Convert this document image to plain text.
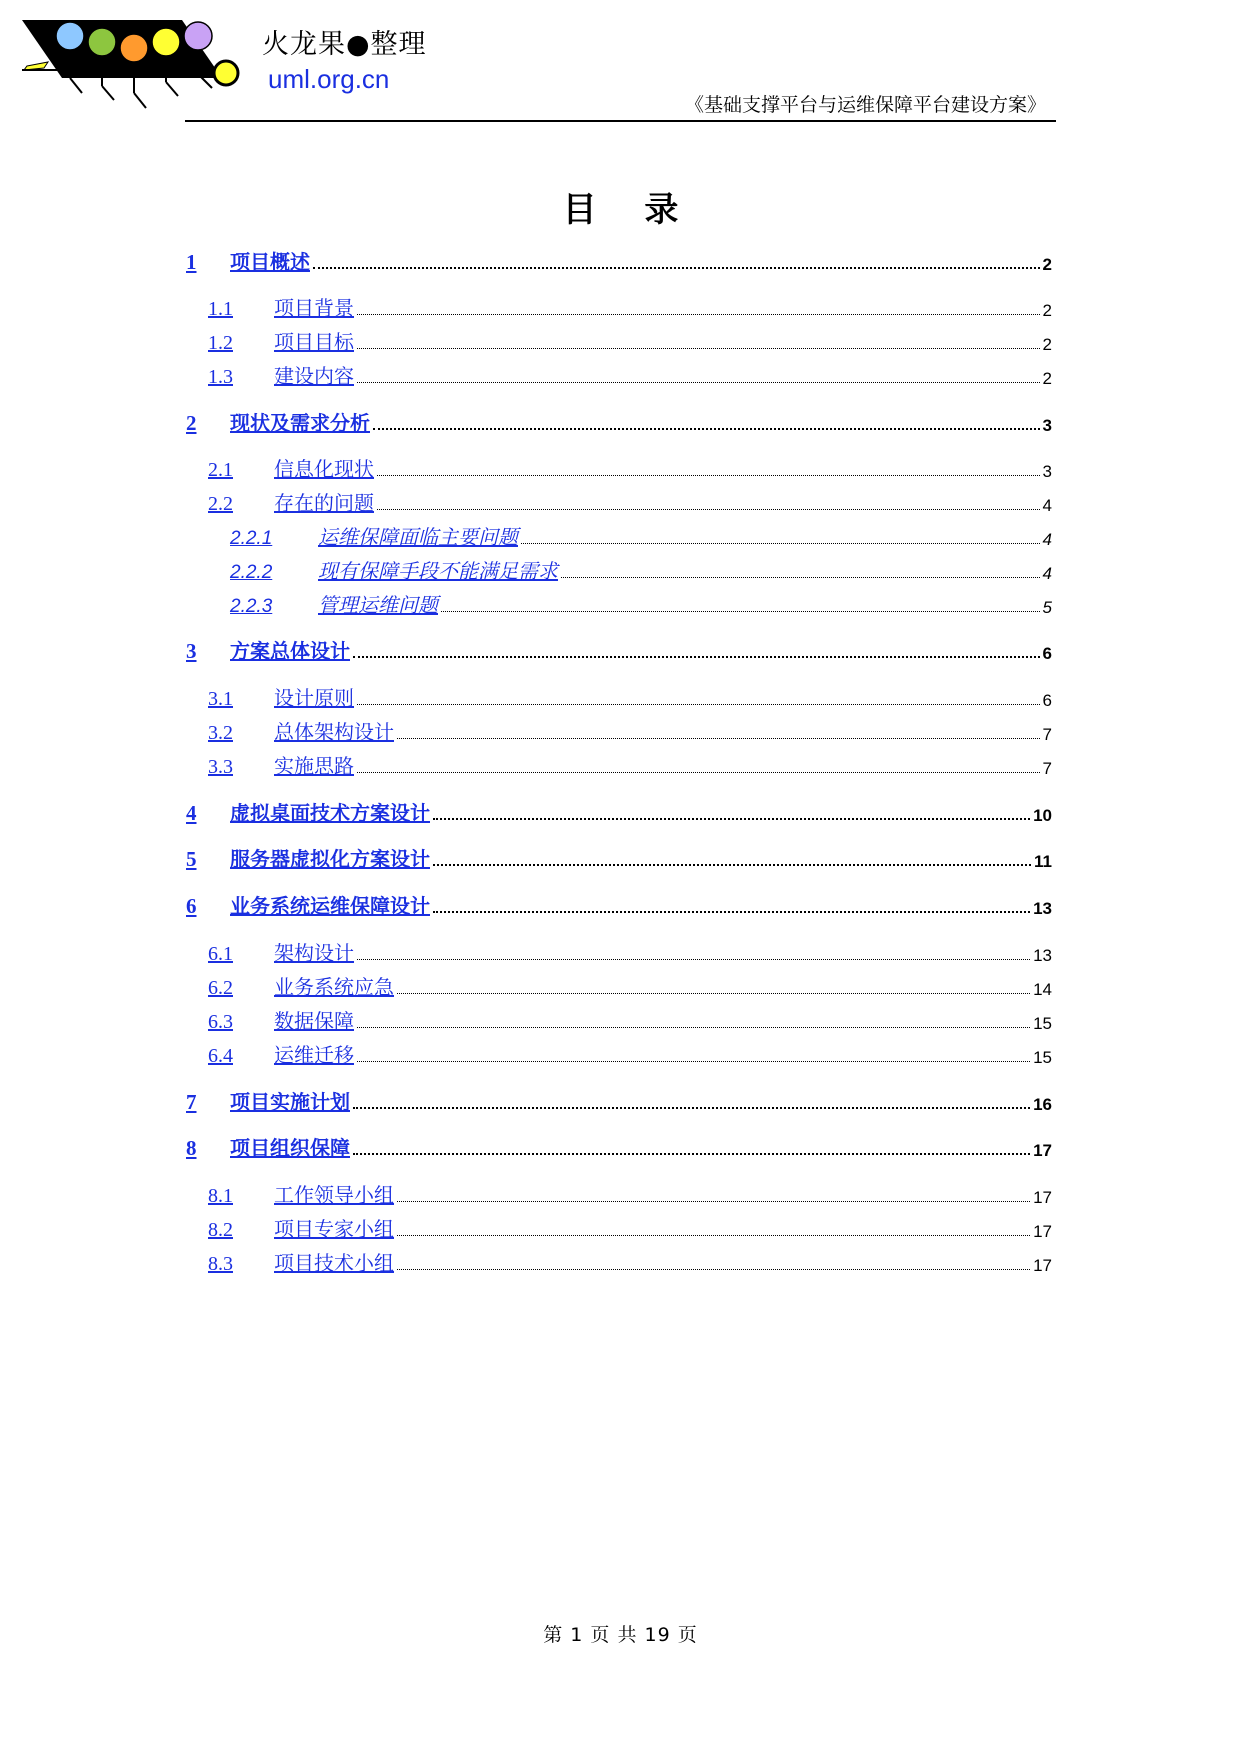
火龙果●整理
uml.org.cn
《基础支撑平台与运维保障平台建设方案》
目 录
1	项目概述	2
1.1	项目背景	2
1.2	项目目标	2
1.3	建设内容	2
2	现状及需求分析	3
2.1	信息化现状	3
2.2	存在的问题	4
2.2.1	运维保障面临主要问题	4
2.2.2	现有保障手段不能满足需求	4
2.2.3	管理运维问题	5
3	方案总体设计	6
3.1	设计原则	6
3.2	总体架构设计	7
3.3	实施思路	7
4	虚拟桌面技术方案设计	10
5	服务器虚拟化方案设计	11
6	业务系统运维保障设计	13
6.1	架构设计	13
6.2	业务系统应急	14
6.3	数据保障	15
6.4	运维迁移	15
7	项目实施计划	16
8	项目组织保障	17
8.1	工作领导小组	17
8.2	项目专家小组	17
8.3	项目技术小组	17
第 1 页 共 19 页
